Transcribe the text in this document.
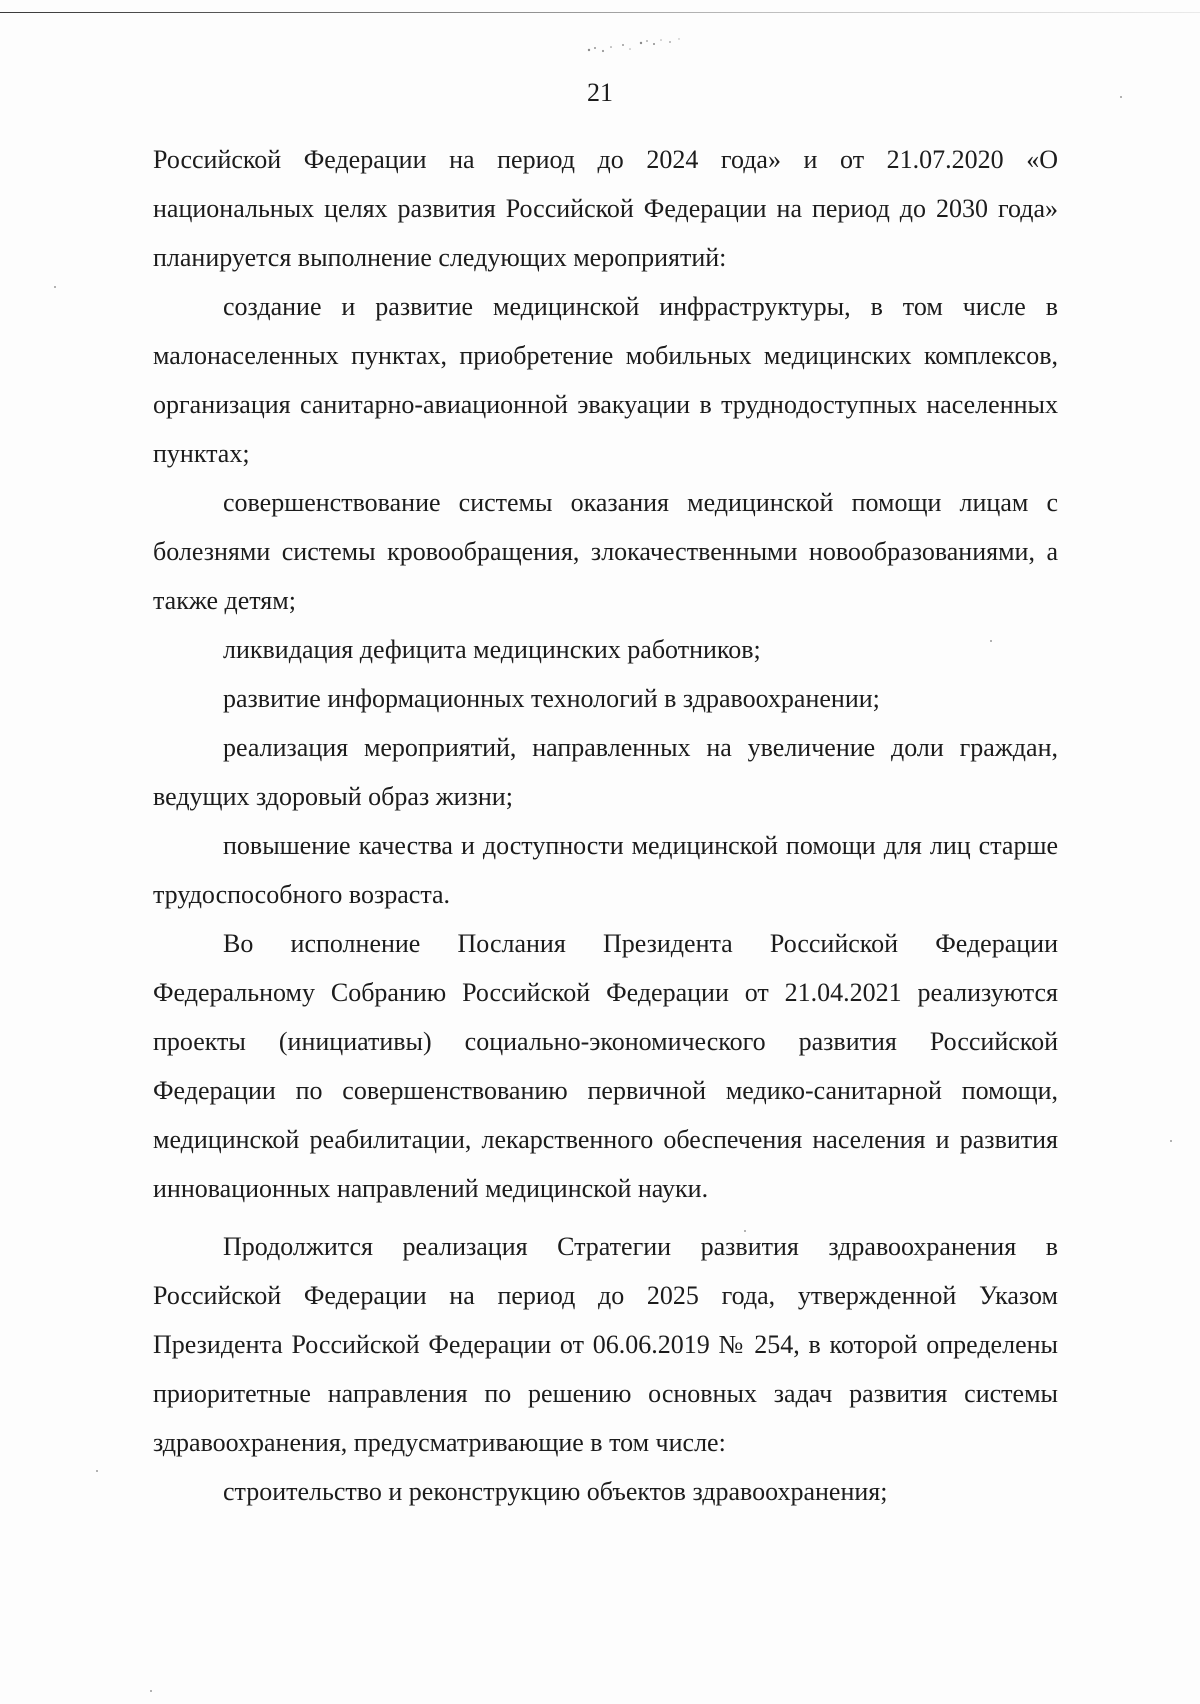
21

Российской Федерации на период до 2024 года» и от 21.07.2020 «О национальных целях развития Российской Федерации на период до 2030 года» планируется выполнение следующих мероприятий:

создание и развитие медицинской инфраструктуры, в том числе в малонаселенных пунктах, приобретение мобильных медицинских комплексов, организация санитарно-авиационной эвакуации в труднодоступных населенных пунктах;

совершенствование системы оказания медицинской помощи лицам с болезнями системы кровообращения, злокачественными новообразованиями, а также детям;

ликвидация дефицита медицинских работников;

развитие информационных технологий в здравоохранении;

реализация мероприятий, направленных на увеличение доли граждан, ведущих здоровый образ жизни;

повышение качества и доступности медицинской помощи для лиц старше трудоспособного возраста.

Во исполнение Послания Президента Российской Федерации Федеральному Собранию Российской Федерации от 21.04.2021 реализуются проекты (инициативы) социально-экономического развития Российской Федерации по совершенствованию первичной медико-санитарной помощи, медицинской реабилитации, лекарственного обеспечения населения и развития инновационных направлений медицинской науки.

Продолжится реализация Стратегии развития здравоохранения в Российской Федерации на период до 2025 года, утвержденной Указом Президента Российской Федерации от 06.06.2019 № 254, в которой определены приоритетные направления по решению основных задач развития системы здравоохранения, предусматривающие в том числе:

строительство и реконструкцию объектов здравоохранения;
